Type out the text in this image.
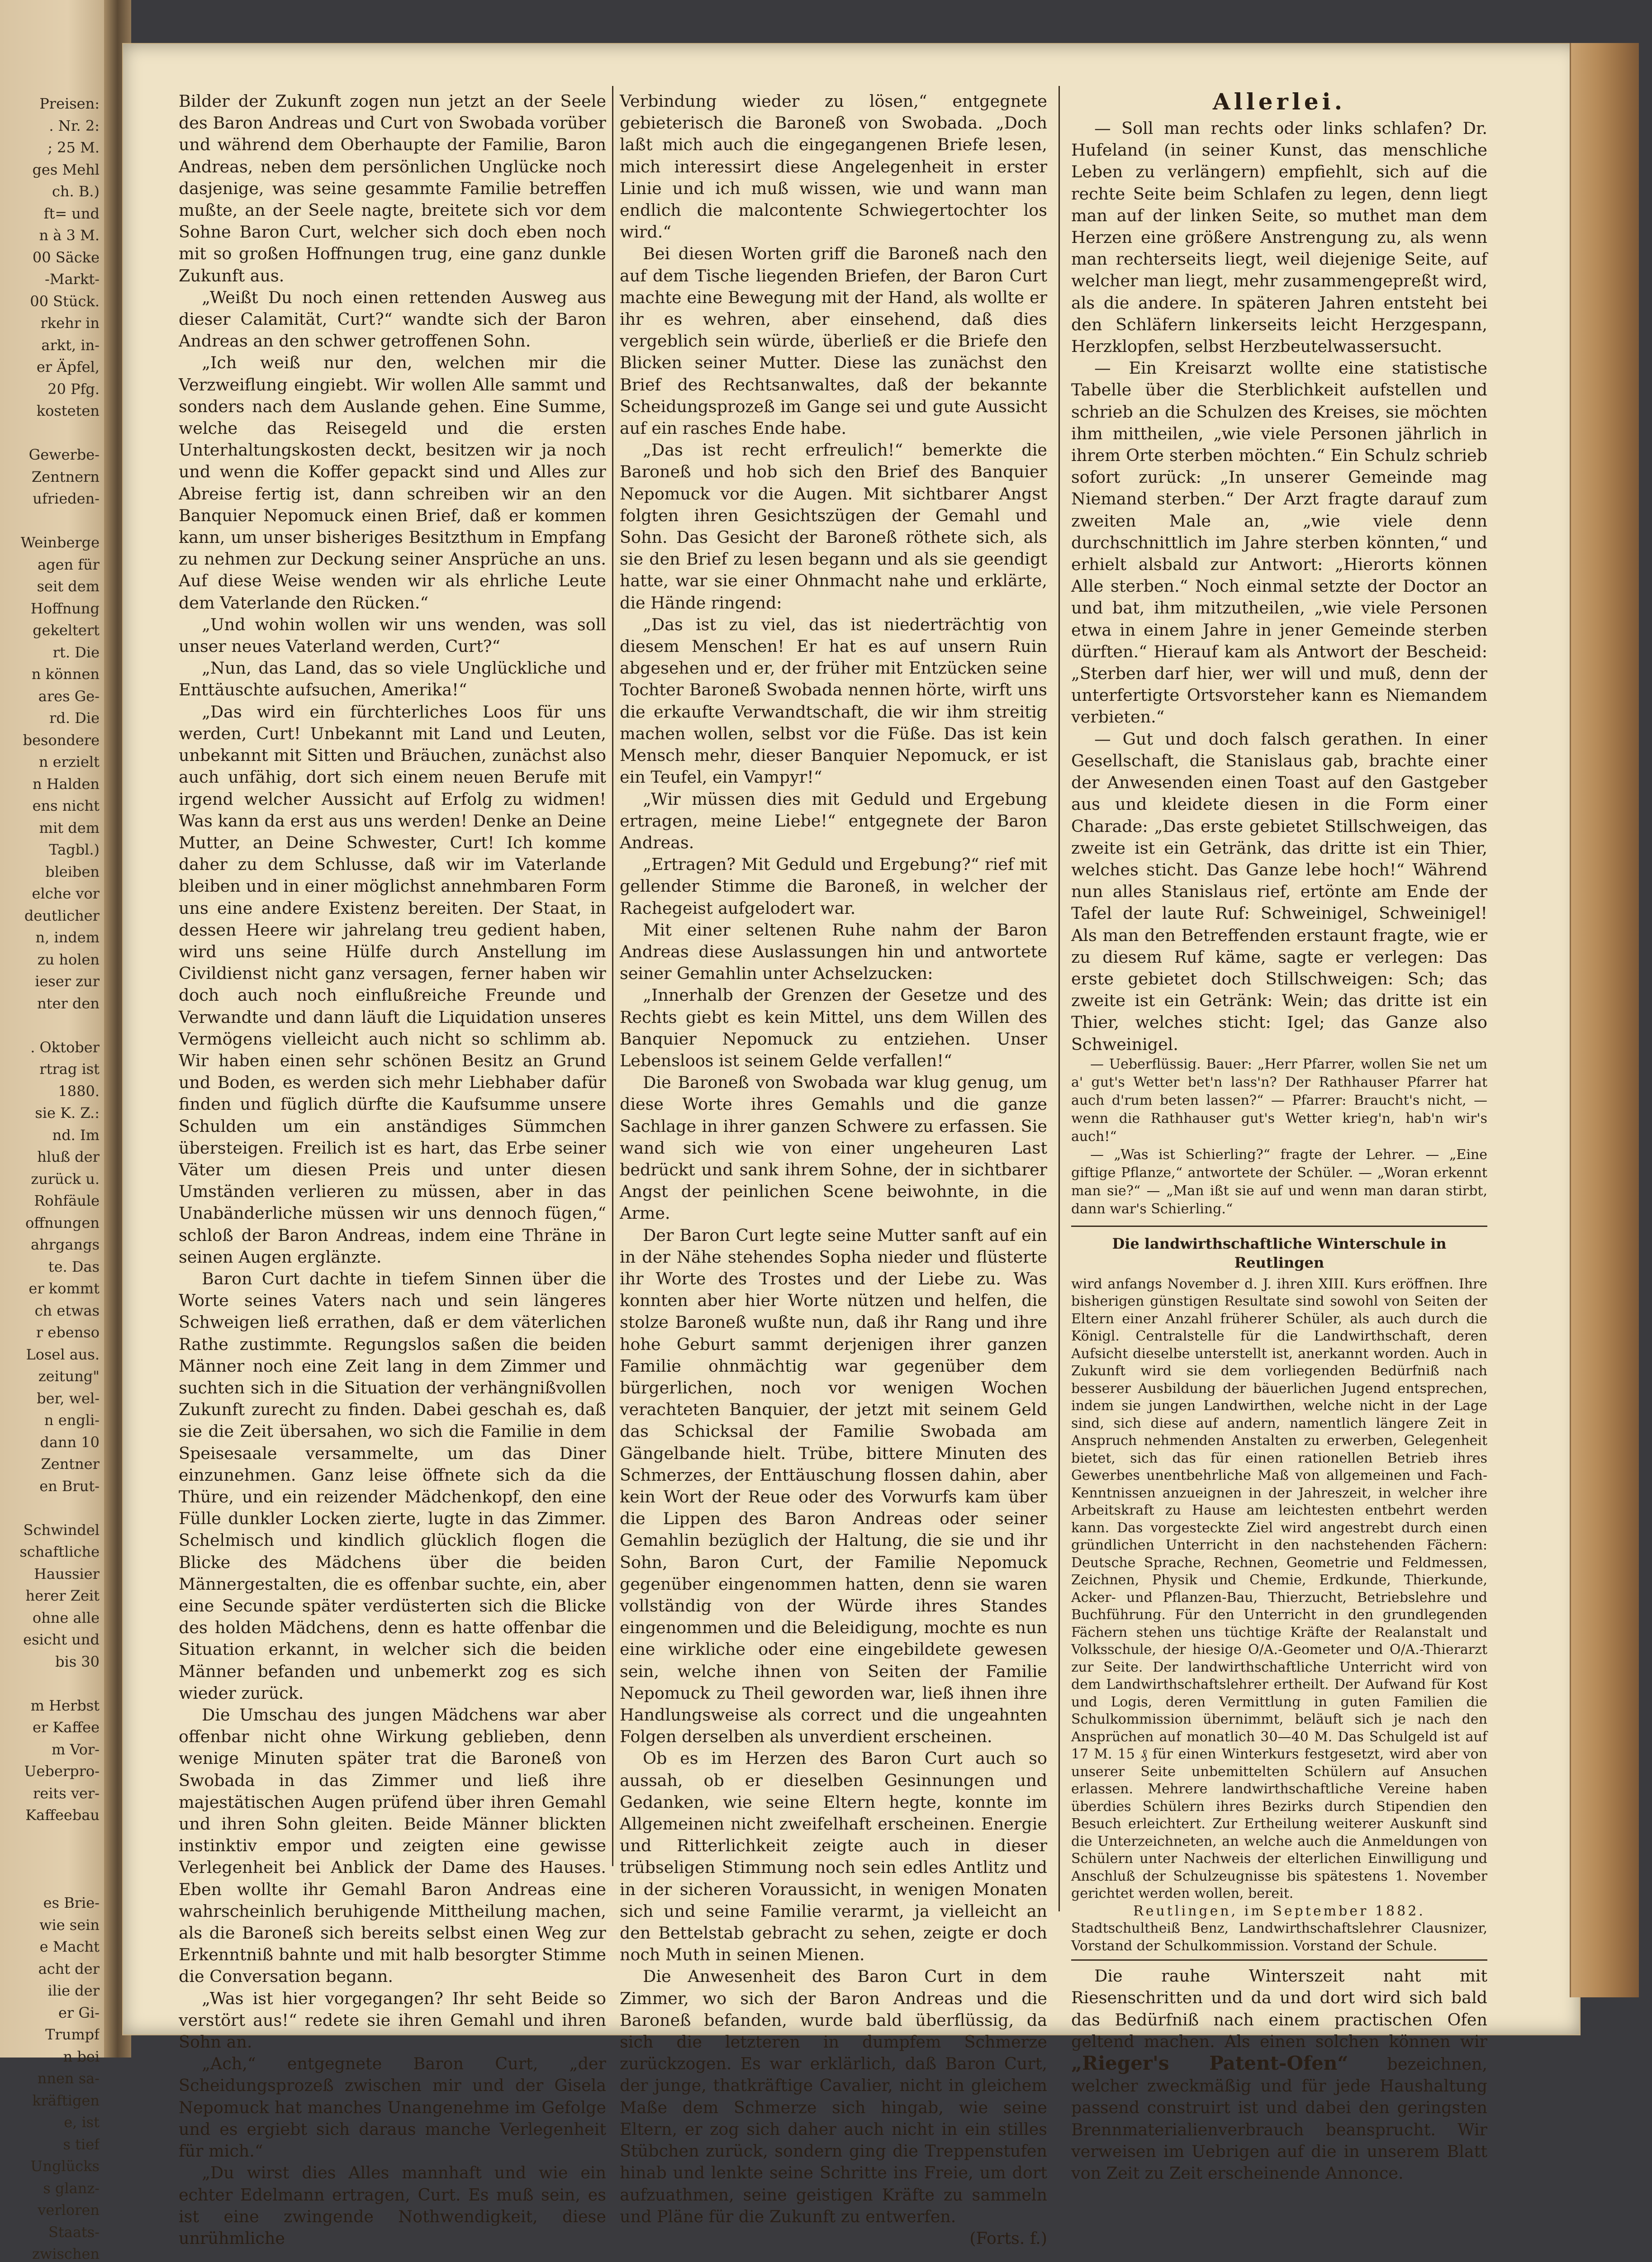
Preisen:
. Nr. 2:
; 25 M.
ges Mehl
ch. B.)
ft= und
n à 3 M.
00 Säcke
-Markt-
00 Stück.
rkehr in
arkt, in-
er Äpfel,
20 Pfg.
kosteten
Gewerbe-
Zentnern
ufrieden-
Weinberge
agen für
seit dem
Hoffnung
gekeltert
rt. Die
n können
ares Ge-
rd. Die
besondere
n erzielt
n Halden
ens nicht
mit dem
Tagbl.)
bleiben
elche vor
deutlicher
n, indem
zu holen
ieser zur
nter den
. Oktober
rtrag ist
1880.
sie K. Z.:
nd. Im
hluß der
zurück u.
Rohfäule
offnungen
ahrgangs
te. Das
er kommt
ch etwas
r ebenso
Losel aus.
zeitung"
ber, wel-
n engli-
dann 10
Zentner
en Brut-
Schwindel
schaftliche
Haussier
herer Zeit
ohne alle
esicht und
bis 30
m Herbst
er Kaffee
m Vor-
Ueberpro-
reits ver-
Kaffeebau
es Brie-
wie sein
e Macht
acht der
ilie der
er Gi-
Trumpf
n bei
nnen sa-
kräftigen
e, ist
s tief
Unglücks
s glanz-
verloren
Staats-
zwischen

Bilder der Zukunft zogen nun jetzt an der Seele des Baron Andreas und Curt von Swobada vorüber und während dem Oberhaupte der Familie, Baron Andreas, neben dem persönlichen Unglücke noch dasjenige, was seine gesammte Familie betreffen mußte, an der Seele nagte, breitete sich vor dem Sohne Baron Curt, welcher sich doch eben noch mit so großen Hoffnungen trug, eine ganz dunkle Zukunft aus.

„Weißt Du noch einen rettenden Ausweg aus dieser Calamität, Curt?“ wandte sich der Baron Andreas an den schwer getroffenen Sohn.

„Ich weiß nur den, welchen mir die Verzweiflung eingiebt. Wir wollen Alle sammt und sonders nach dem Auslande gehen. Eine Summe, welche das Reisegeld und die ersten Unterhaltungskosten deckt, besitzen wir ja noch und wenn die Koffer gepackt sind und Alles zur Abreise fertig ist, dann schreiben wir an den Banquier Nepomuck einen Brief, daß er kommen kann, um unser bisheriges Besitzthum in Empfang zu nehmen zur Deckung seiner Ansprüche an uns. Auf diese Weise wenden wir als ehrliche Leute dem Vaterlande den Rücken.“

„Und wohin wollen wir uns wenden, was soll unser neues Vaterland werden, Curt?“

„Nun, das Land, das so viele Unglückliche und Enttäuschte aufsuchen, Amerika!“

„Das wird ein fürchterliches Loos für uns werden, Curt! Unbekannt mit Land und Leuten, unbekannt mit Sitten und Bräuchen, zunächst also auch unfähig, dort sich einem neuen Berufe mit irgend welcher Aussicht auf Erfolg zu widmen! Was kann da erst aus uns werden! Denke an Deine Mutter, an Deine Schwester, Curt! Ich komme daher zu dem Schlusse, daß wir im Vaterlande bleiben und in einer möglichst annehmbaren Form uns eine andere Existenz bereiten. Der Staat, in dessen Heere wir jahrelang treu gedient haben, wird uns seine Hülfe durch Anstellung im Civildienst nicht ganz versagen, ferner haben wir doch auch noch einflußreiche Freunde und Verwandte und dann läuft die Liquidation unseres Vermögens vielleicht auch nicht so schlimm ab. Wir haben einen sehr schönen Besitz an Grund und Boden, es werden sich mehr Liebhaber dafür finden und füglich dürfte die Kaufsumme unsere Schulden um ein anständiges Sümmchen übersteigen. Freilich ist es hart, das Erbe seiner Väter um diesen Preis und unter diesen Umständen verlieren zu müssen, aber in das Unabänderliche müssen wir uns dennoch fügen,“ schloß der Baron Andreas, indem eine Thräne in seinen Augen erglänzte.

Baron Curt dachte in tiefem Sinnen über die Worte seines Vaters nach und sein längeres Schweigen ließ errathen, daß er dem väterlichen Rathe zustimmte. Regungslos saßen die beiden Männer noch eine Zeit lang in dem Zimmer und suchten sich in die Situation der verhängnißvollen Zukunft zurecht zu finden. Dabei geschah es, daß sie die Zeit übersahen, wo sich die Familie in dem Speisesaale versammelte, um das Diner einzunehmen. Ganz leise öffnete sich da die Thüre, und ein reizender Mädchenkopf, den eine Fülle dunkler Locken zierte, lugte in das Zimmer. Schelmisch und kindlich glücklich flogen die Blicke des Mädchens über die beiden Männergestalten, die es offenbar suchte, ein, aber eine Secunde später verdüsterten sich die Blicke des holden Mädchens, denn es hatte offenbar die Situation erkannt, in welcher sich die beiden Männer befanden und unbemerkt zog es sich wieder zurück.

Die Umschau des jungen Mädchens war aber offenbar nicht ohne Wirkung geblieben, denn wenige Minuten später trat die Baroneß von Swobada in das Zimmer und ließ ihre majestätischen Augen prüfend über ihren Gemahl und ihren Sohn gleiten. Beide Männer blickten instinktiv empor und zeigten eine gewisse Verlegenheit bei Anblick der Dame des Hauses. Eben wollte ihr Gemahl Baron Andreas eine wahrscheinlich beruhigende Mittheilung machen, als die Baroneß sich bereits selbst einen Weg zur Erkenntniß bahnte und mit halb besorgter Stimme die Conversation begann.

„Was ist hier vorgegangen? Ihr seht Beide so verstört aus!“ redete sie ihren Gemahl und ihren Sohn an.

„Ach,“ entgegnete Baron Curt, „der Scheidungsprozeß zwischen mir und der Gisela Nepomuck hat manches Unangenehme im Gefolge und es ergiebt sich daraus manche Verlegenheit für mich.“

„Du wirst dies Alles mannhaft und wie ein echter Edelmann ertragen, Curt. Es muß sein, es ist eine zwingende Nothwendigkeit, diese unrühmliche

Verbindung wieder zu lösen,“ entgegnete gebieterisch die Baroneß von Swobada. „Doch laßt mich auch die eingegangenen Briefe lesen, mich interessirt diese Angelegenheit in erster Linie und ich muß wissen, wie und wann man endlich die malcontente Schwiegertochter los wird.“

Bei diesen Worten griff die Baroneß nach den auf dem Tische liegenden Briefen, der Baron Curt machte eine Bewegung mit der Hand, als wollte er ihr es wehren, aber einsehend, daß dies vergeblich sein würde, überließ er die Briefe den Blicken seiner Mutter. Diese las zunächst den Brief des Rechtsanwaltes, daß der bekannte Scheidungsprozeß im Gange sei und gute Aussicht auf ein rasches Ende habe.

„Das ist recht erfreulich!“ bemerkte die Baroneß und hob sich den Brief des Banquier Nepomuck vor die Augen. Mit sichtbarer Angst folgten ihren Gesichtszügen der Gemahl und Sohn. Das Gesicht der Baroneß röthete sich, als sie den Brief zu lesen begann und als sie geendigt hatte, war sie einer Ohnmacht nahe und erklärte, die Hände ringend:

„Das ist zu viel, das ist niederträchtig von diesem Menschen! Er hat es auf unsern Ruin abgesehen und er, der früher mit Entzücken seine Tochter Baroneß Swobada nennen hörte, wirft uns die erkaufte Verwandtschaft, die wir ihm streitig machen wollen, selbst vor die Füße. Das ist kein Mensch mehr, dieser Banquier Nepomuck, er ist ein Teufel, ein Vampyr!“

„Wir müssen dies mit Geduld und Ergebung ertragen, meine Liebe!“ entgegnete der Baron Andreas.

„Ertragen? Mit Geduld und Ergebung?“ rief mit gellender Stimme die Baroneß, in welcher der Rachegeist aufgelodert war.

Mit einer seltenen Ruhe nahm der Baron Andreas diese Auslassungen hin und antwortete seiner Gemahlin unter Achselzucken:

„Innerhalb der Grenzen der Gesetze und des Rechts giebt es kein Mittel, uns dem Willen des Banquier Nepomuck zu entziehen. Unser Lebensloos ist seinem Gelde verfallen!“

Die Baroneß von Swobada war klug genug, um diese Worte ihres Gemahls und die ganze Sachlage in ihrer ganzen Schwere zu erfassen. Sie wand sich wie von einer ungeheuren Last bedrückt und sank ihrem Sohne, der in sichtbarer Angst der peinlichen Scene beiwohnte, in die Arme.

Der Baron Curt legte seine Mutter sanft auf ein in der Nähe stehendes Sopha nieder und flüsterte ihr Worte des Trostes und der Liebe zu. Was konnten aber hier Worte nützen und helfen, die stolze Baroneß wußte nun, daß ihr Rang und ihre hohe Geburt sammt derjenigen ihrer ganzen Familie ohnmächtig war gegenüber dem bürgerlichen, noch vor wenigen Wochen verachteten Banquier, der jetzt mit seinem Geld das Schicksal der Familie Swobada am Gängelbande hielt. Trübe, bittere Minuten des Schmerzes, der Enttäuschung flossen dahin, aber kein Wort der Reue oder des Vorwurfs kam über die Lippen des Baron Andreas oder seiner Gemahlin bezüglich der Haltung, die sie und ihr Sohn, Baron Curt, der Familie Nepomuck gegenüber eingenommen hatten, denn sie waren vollständig von der Würde ihres Standes eingenommen und die Beleidigung, mochte es nun eine wirkliche oder eine eingebildete gewesen sein, welche ihnen von Seiten der Familie Nepomuck zu Theil geworden war, ließ ihnen ihre Handlungsweise als correct und die ungeahnten Folgen derselben als unverdient erscheinen.

Ob es im Herzen des Baron Curt auch so aussah, ob er dieselben Gesinnungen und Gedanken, wie seine Eltern hegte, konnte im Allgemeinen nicht zweifelhaft erscheinen. Energie und Ritterlichkeit zeigte auch in dieser trübseligen Stimmung noch sein edles Antlitz und in der sicheren Voraussicht, in wenigen Monaten sich und seine Familie verarmt, ja vielleicht an den Bettelstab gebracht zu sehen, zeigte er doch noch Muth in seinen Mienen.

Die Anwesenheit des Baron Curt in dem Zimmer, wo sich der Baron Andreas und die Baroneß befanden, wurde bald überflüssig, da sich die letzteren in dumpfem Schmerze zurückzogen. Es war erklärlich, daß Baron Curt, der junge, thatkräftige Cavalier, nicht in gleichem Maße dem Schmerze sich hingab, wie seine Eltern, er zog sich daher auch nicht in ein stilles Stübchen zurück, sondern ging die Treppenstufen hinab und lenkte seine Schritte ins Freie, um dort aufzuathmen, seine geistigen Kräfte zu sammeln und Pläne für die Zukunft zu entwerfen.

(Forts. f.)
Allerlei.

— Soll man rechts oder links schlafen? Dr. Hufeland (in seiner Kunst, das menschliche Leben zu verlängern) empfiehlt, sich auf die rechte Seite beim Schlafen zu legen, denn liegt man auf der linken Seite, so muthet man dem Herzen eine größere Anstrengung zu, als wenn man rechterseits liegt, weil diejenige Seite, auf welcher man liegt, mehr zusammengepreßt wird, als die andere. In späteren Jahren entsteht bei den Schläfern linkerseits leicht Herzgespann, Herzklopfen, selbst Herzbeutelwassersucht.

— Ein Kreisarzt wollte eine statistische Tabelle über die Sterblichkeit aufstellen und schrieb an die Schulzen des Kreises, sie möchten ihm mittheilen, „wie viele Personen jährlich in ihrem Orte sterben möchten.“ Ein Schulz schrieb sofort zurück: „In unserer Gemeinde mag Niemand sterben.“ Der Arzt fragte darauf zum zweiten Male an, „wie viele denn durchschnittlich im Jahre sterben könnten,“ und erhielt alsbald zur Antwort: „Hierorts können Alle sterben.“ Noch einmal setzte der Doctor an und bat, ihm mitzutheilen, „wie viele Personen etwa in einem Jahre in jener Gemeinde sterben dürften.“ Hierauf kam als Antwort der Bescheid: „Sterben darf hier, wer will und muß, denn der unterfertigte Ortsvorsteher kann es Niemandem verbieten.“

— Gut und doch falsch gerathen. In einer Gesellschaft, die Stanislaus gab, brachte einer der Anwesenden einen Toast auf den Gastgeber aus und kleidete diesen in die Form einer Charade: „Das erste gebietet Stillschweigen, das zweite ist ein Getränk, das dritte ist ein Thier, welches sticht. Das Ganze lebe hoch!“ Während nun alles Stanislaus rief, ertönte am Ende der Tafel der laute Ruf: Schweinigel, Schweinigel! Als man den Betreffenden erstaunt fragte, wie er zu diesem Ruf käme, sagte er verlegen: Das erste gebietet doch Stillschweigen: Sch; das zweite ist ein Getränk: Wein; das dritte ist ein Thier, welches sticht: Igel; das Ganze also Schweinigel.

— Ueberflüssig. Bauer: „Herr Pfarrer, wollen Sie net um a' gut's Wetter bet'n lass'n? Der Rathhauser Pfarrer hat auch d'rum beten lassen?“ — Pfarrer: Braucht's nicht, — wenn die Rathhauser gut's Wetter krieg'n, hab'n wir's auch!“

— „Was ist Schierling?“ fragte der Lehrer. — „Eine giftige Pflanze,“ antwortete der Schüler. — „Woran erkennt man sie?“ — „Man ißt sie auf und wenn man daran stirbt, dann war's Schierling.“

Die landwirthschaftliche Winterschule in Reutlingen

wird anfangs November d. J. ihren XIII. Kurs eröffnen. Ihre bisherigen günstigen Resultate sind sowohl von Seiten der Eltern einer Anzahl früherer Schüler, als auch durch die Königl. Centralstelle für die Landwirthschaft, deren Aufsicht dieselbe unterstellt ist, anerkannt worden. Auch in Zukunft wird sie dem vorliegenden Bedürfniß nach besserer Ausbildung der bäuerlichen Jugend entsprechen, indem sie jungen Landwirthen, welche nicht in der Lage sind, sich diese auf andern, namentlich längere Zeit in Anspruch nehmenden Anstalten zu erwerben, Gelegenheit bietet, sich das für einen rationellen Betrieb ihres Gewerbes unentbehrliche Maß von allgemeinen und Fach-Kenntnissen anzueignen in der Jahreszeit, in welcher ihre Arbeitskraft zu Hause am leichtesten entbehrt werden kann. Das vorgesteckte Ziel wird angestrebt durch einen gründlichen Unterricht in den nachstehenden Fächern: Deutsche Sprache, Rechnen, Geometrie und Feldmessen, Zeichnen, Physik und Chemie, Erdkunde, Thierkunde, Acker- und Pflanzen-Bau, Thierzucht, Betriebslehre und Buchführung. Für den Unterricht in den grundlegenden Fächern stehen uns tüchtige Kräfte der Realanstalt und Volksschule, der hiesige O/A.-Geometer und O/A.-Thierarzt zur Seite. Der landwirthschaftliche Unterricht wird von dem Landwirthschaftslehrer ertheilt. Der Aufwand für Kost und Logis, deren Vermittlung in guten Familien die Schulkommission übernimmt, beläuft sich je nach den Ansprüchen auf monatlich 30—40 M. Das Schulgeld ist auf 17 M. 15 ₰ für einen Winterkurs festgesetzt, wird aber von unserer Seite unbemittelten Schülern auf Ansuchen erlassen. Mehrere landwirthschaftliche Vereine haben überdies Schülern ihres Bezirks durch Stipendien den Besuch erleichtert. Zur Ertheilung weiterer Auskunft sind die Unterzeichneten, an welche auch die Anmeldungen von Schülern unter Nachweis der elterlichen Einwilligung und Anschluß der Schulzeugnisse bis spätestens 1. November gerichtet werden wollen, bereit.

Reutlingen, im September 1882.
Stadtschultheiß Benz, Landwirthschaftslehrer Clausnizer, Vorstand der Schulkommission. Vorstand der Schule.

Die rauhe Winterszeit naht mit Riesenschritten und da und dort wird sich bald das Bedürfniß nach einem practischen Ofen geltend machen. Als einen solchen können wir „Rieger's Patent-Ofen“ bezeichnen, welcher zweckmäßig und für jede Haushaltung passend construirt ist und dabei den geringsten Brennmaterialienverbrauch beansprucht. Wir verweisen im Uebrigen auf die in unserem Blatt von Zeit zu Zeit erscheinende Annonce.
